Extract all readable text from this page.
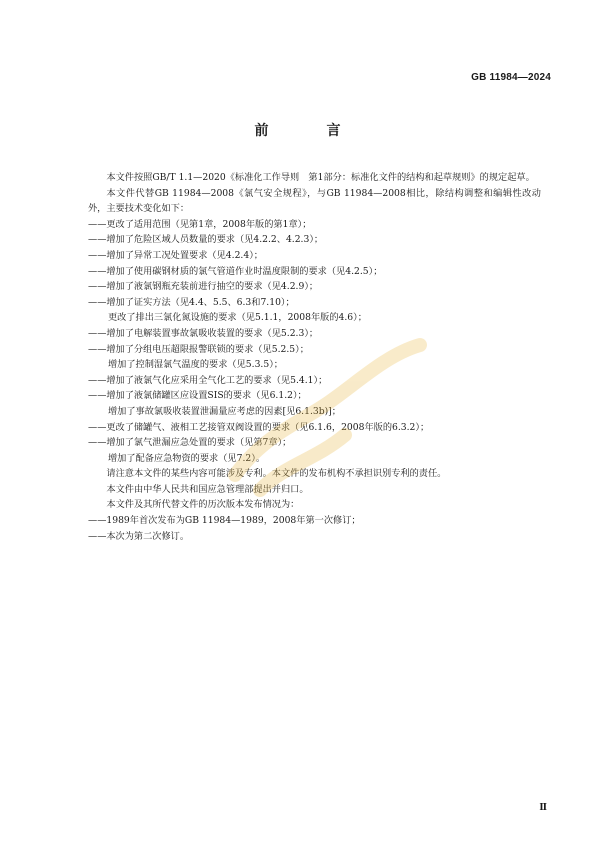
GB 11984—2024
前　言

本文件按照GB/T 1.1—2020《标准化工作导则　第1部分：标准化文件的结构和起草规则》的规定起草。

本文件代替GB 11984—2008《氯气安全规程》，与GB 11984—2008相比，除结构调整和编辑性改动外，主要技术变化如下：

——更改了适用范围（见第1章，2008年版的第1章）；

——增加了危险区域人员数量的要求（见4.2.2、4.2.3）；

——增加了异常工况处置要求（见4.2.4）；

——增加了使用碳钢材质的氯气管道作业时温度限制的要求（见4.2.5）；

——增加了液氯钢瓶充装前进行抽空的要求（见4.2.9）；

——增加了证实方法（见4.4、5.5、6.3和7.10）；

更改了排出三氯化氮设施的要求（见5.1.1，2008年版的4.6）；

——增加了电解装置事故氯吸收装置的要求（见5.2.3）；

——增加了分组电压超限报警联锁的要求（见5.2.5）；

增加了控制湿氯气温度的要求（见5.3.5）；

——增加了液氯气化应采用全气化工艺的要求（见5.4.1）；

——增加了液氯储罐区应设置SIS的要求（见6.1.2）；

增加了事故氯吸收装置泄漏量应考虑的因素[见6.1.3b)]；

——更改了储罐气、液相工艺接管双阀设置的要求（见6.1.6，2008年版的6.3.2）；

——增加了氯气泄漏应急处置的要求（见第7章）；

增加了配备应急物资的要求（见7.2）。

请注意本文件的某些内容可能涉及专利。本文件的发布机构不承担识别专利的责任。

本文件由中华人民共和国应急管理部提出并归口。

本文件及其所代替文件的历次版本发布情况为：

——1989年首次发布为GB 11984—1989，2008年第一次修订；

——本次为第二次修订。

Ⅱ
